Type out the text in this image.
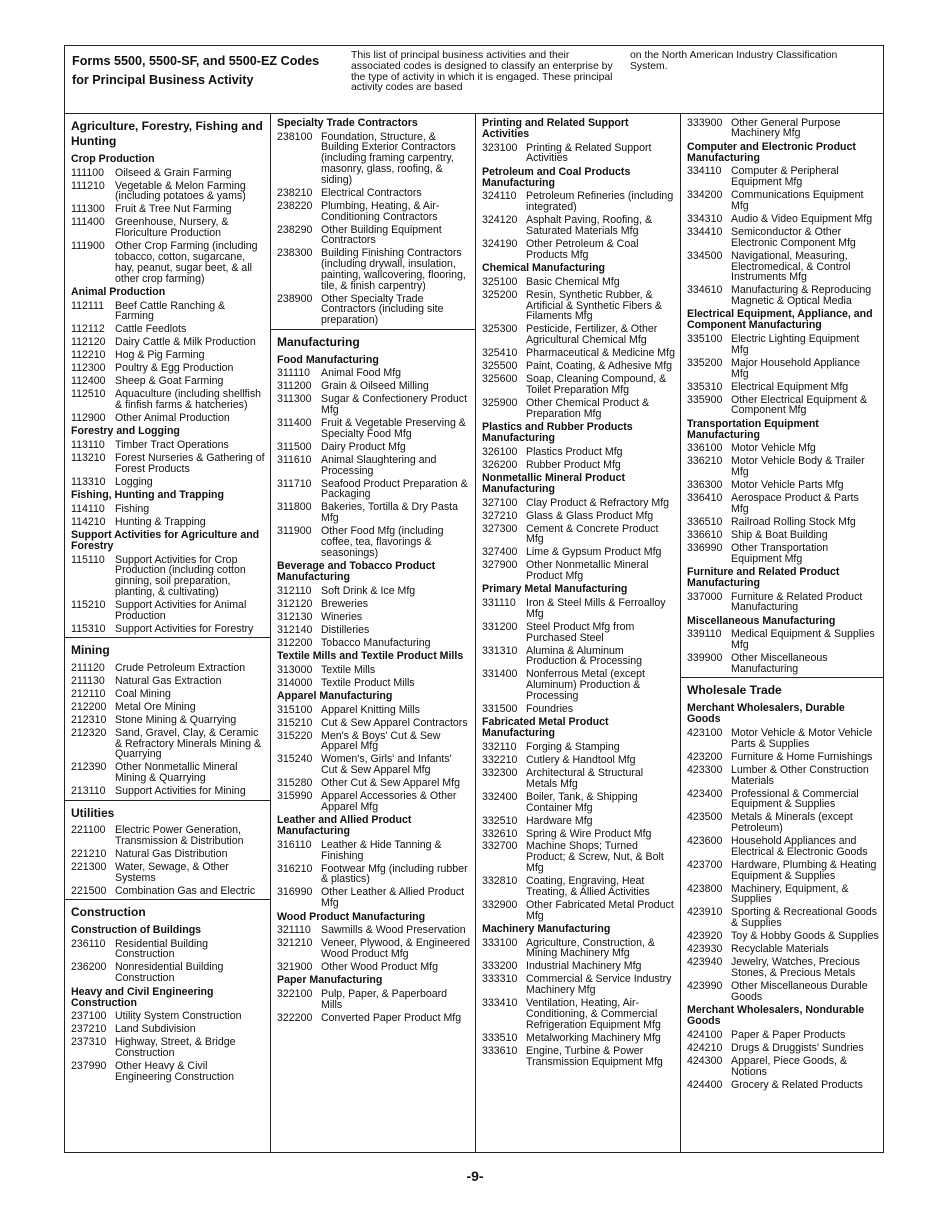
Forms 5500, 5500-SF, and 5500-EZ Codes for Principal Business Activity
This list of principal business activities and their associated codes is designed to classify an enterprise by the type of activity in which it is engaged. These principal activity codes are based
on the North American Industry Classification System.
Agriculture, Forestry, Fishing and Hunting
Crop Production
111100	Oilseed & Grain Farming
111210 Vegetable & Melon Farming (including potatoes & yams)
111300 Fruit & Tree Nut Farming
111400 Greenhouse, Nursery, & Floriculture Production
111900 Other Crop Farming (including tobacco, cotton, sugarcane, hay, peanut, sugar beet, & all other crop farming)
Animal Production
112111	Beef Cattle Ranching & Farming
112112 Cattle Feedlots
112120 Dairy Cattle & Milk Production
112210 Hog & Pig Farming
112300 Poultry & Egg Production
112400 Sheep & Goat Farming
112510 Aquaculture (including shellfish & finfish farms & hatcheries)
112900 Other Animal Production
Forestry and Logging
113110 Timber Tract Operations
113210 Forest Nurseries & Gathering of Forest Products
113310 Logging
Fishing, Hunting and Trapping
114110 Fishing
114210 Hunting & Trapping
Support Activities for Agriculture and Forestry
115110 Support Activities for Crop Production (including cotton ginning, soil preparation, planting, & cultivating)
115210 Support Activities for Animal Production
115310 Support Activities for Forestry
Mining
211120 Crude Petroleum Extraction
211130 Natural Gas Extraction
212110 Coal Mining
212200 Metal Ore Mining
212310 Stone Mining & Quarrying
212320 Sand, Gravel, Clay, & Ceramic & Refractory Minerals Mining & Quarrying
212390 Other Nonmetallic Mineral Mining & Quarrying
213110 Support Activities for Mining
Utilities
221100 Electric Power Generation, Transmission & Distribution
221210 Natural Gas Distribution
221300 Water, Sewage, & Other Systems
221500 Combination Gas and Electric
Construction
Construction of Buildings
236110 Residential Building Construction
236200 Nonresidential Building Construction
Heavy and Civil Engineering Construction
237100 Utility System Construction
237210 Land Subdivision
237310 Highway, Street, & Bridge Construction
237990 Other Heavy & Civil Engineering Construction
Specialty Trade Contractors
238100 Foundation, Structure, & Building Exterior Contractors (including framing carpentry, masonry, glass, roofing, & siding)
238210 Electrical Contractors
238220 Plumbing, Heating, & Air-Conditioning Contractors
238290 Other Building Equipment Contractors
238300 Building Finishing Contractors (including drywall, insulation, painting, wallcovering, flooring, tile, & finish carpentry)
238900 Other Specialty Trade Contractors (including site preparation)
Manufacturing
Food Manufacturing
311110	Animal Food Mfg
311200 Grain & Oilseed Milling
311300 Sugar & Confectionery Product Mfg
311400 Fruit & Vegetable Preserving & Specialty Food Mfg
311500 Dairy Product Mfg
311610 Animal Slaughtering and Processing
311710 Seafood Product Preparation & Packaging
311800 Bakeries, Tortilla & Dry Pasta Mfg
311900 Other Food Mfg (including coffee, tea, flavorings & seasonings)
Beverage and Tobacco Product Manufacturing
312110 Soft Drink & Ice Mfg
312120 Breweries
312130 Wineries
312140 Distilleries
312200 Tobacco Manufacturing
Textile Mills and Textile Product Mills
313000 Textile Mills
314000 Textile Product Mills
Apparel Manufacturing
315100 Apparel Knitting Mills
315210 Cut & Sew Apparel Contractors
315220 Men's & Boys' Cut & Sew Apparel Mfg
315240 Women's, Girls' and Infants' Cut & Sew Apparel Mfg
315280 Other Cut & Sew Apparel Mfg
315990 Apparel Accessories & Other Apparel Mfg
Leather and Allied Product Manufacturing
316110 Leather & Hide Tanning & Finishing
316210 Footwear Mfg (including rubber & plastics)
316990 Other Leather & Allied Product Mfg
Wood Product Manufacturing
321110 Sawmills & Wood Preservation
321210 Veneer, Plywood, & Engineered Wood Product Mfg
321900 Other Wood Product Mfg
Paper Manufacturing
322100 Pulp, Paper, & Paperboard Mills
322200 Converted Paper Product Mfg
Printing and Related Support Activities
323100 Printing & Related Support Activities
Petroleum and Coal Products Manufacturing
324110 Petroleum Refineries (including integrated)
324120 Asphalt Paving, Roofing, & Saturated Materials Mfg
324190 Other Petroleum & Coal Products Mfg
Chemical Manufacturing
325100 Basic Chemical Mfg
325200 Resin, Synthetic Rubber, & Artificial & Synthetic Fibers & Filaments Mfg
325300 Pesticide, Fertilizer, & Other Agricultural Chemical Mfg
325410 Pharmaceutical & Medicine Mfg
325500 Paint, Coating, & Adhesive Mfg
325600 Soap, Cleaning Compound, & Toilet Preparation Mfg
325900 Other Chemical Product & Preparation Mfg
Plastics and Rubber Products Manufacturing
326100 Plastics Product Mfg
326200 Rubber Product Mfg
Nonmetallic Mineral Product Manufacturing
327100 Clay Product & Refractory Mfg
327210 Glass & Glass Product Mfg
327300 Cement & Concrete Product Mfg
327400 Lime & Gypsum Product Mfg
327900 Other Nonmetallic Mineral Product Mfg
Primary Metal Manufacturing
331110 Iron & Steel Mills & Ferroalloy Mfg
331200 Steel Product Mfg from Purchased Steel
331310 Alumina & Aluminum Production & Processing
331400 Nonferrous Metal (except Aluminum) Production & Processing
331500 Foundries
Fabricated Metal Product Manufacturing
332110 Forging & Stamping
332210 Cutlery & Handtool Mfg
332300 Architectural & Structural Metals Mfg
332400 Boiler, Tank, & Shipping Container Mfg
332510 Hardware Mfg
332610 Spring & Wire Product Mfg
332700 Machine Shops; Turned Product; & Screw, Nut, & Bolt Mfg
332810 Coating, Engraving, Heat Treating, & Allied Activities
332900 Other Fabricated Metal Product Mfg
Machinery Manufacturing
333100 Agriculture, Construction, & Mining Machinery Mfg
333200 Industrial Machinery Mfg
333310 Commercial & Service Industry Machinery Mfg
333410 Ventilation, Heating, Air-Conditioning, & Commercial Refrigeration Equipment Mfg
333510 Metalworking Machinery Mfg
333610 Engine, Turbine & Power Transmission Equipment Mfg
333900 Other General Purpose Machinery Mfg
Computer and Electronic Product Manufacturing
334110 Computer & Peripheral Equipment Mfg
334200 Communications Equipment Mfg
334310 Audio & Video Equipment Mfg
334410 Semiconductor & Other Electronic Component Mfg
334500 Navigational, Measuring, Electromedical, & Control Instruments Mfg
334610 Manufacturing & Reproducing Magnetic & Optical Media
Electrical Equipment, Appliance, and Component Manufacturing
335100 Electric Lighting Equipment Mfg
335200 Major Household Appliance Mfg
335310 Electrical Equipment Mfg
335900 Other Electrical Equipment & Component Mfg
Transportation Equipment Manufacturing
336100 Motor Vehicle Mfg
336210 Motor Vehicle Body & Trailer Mfg
336300 Motor Vehicle Parts Mfg
336410 Aerospace Product & Parts Mfg
336510 Railroad Rolling Stock Mfg
336610 Ship & Boat Building
336990 Other Transportation Equipment Mfg
Furniture and Related Product Manufacturing
337000 Furniture & Related Product Manufacturing
Miscellaneous Manufacturing
339110 Medical Equipment & Supplies Mfg
339900 Other Miscellaneous Manufacturing
Wholesale Trade
Merchant Wholesalers, Durable Goods
423100 Motor Vehicle & Motor Vehicle Parts & Supplies
423200 Furniture & Home Furnishings
423300 Lumber & Other Construction Materials
423400 Professional & Commercial Equipment & Supplies
423500 Metals & Minerals (except Petroleum)
423600 Household Appliances and Electrical & Electronic Goods
423700 Hardware, Plumbing & Heating Equipment & Supplies
423800 Machinery, Equipment, & Supplies
423910 Sporting & Recreational Goods & Supplies
423920 Toy & Hobby Goods & Supplies
423930 Recyclable Materials
423940 Jewelry, Watches, Precious Stones, & Precious Metals
423990 Other Miscellaneous Durable Goods
Merchant Wholesalers, Nondurable Goods
424100 Paper & Paper Products
424210 Drugs & Druggists' Sundries
424300 Apparel, Piece Goods, & Notions
424400 Grocery & Related Products
-9-
